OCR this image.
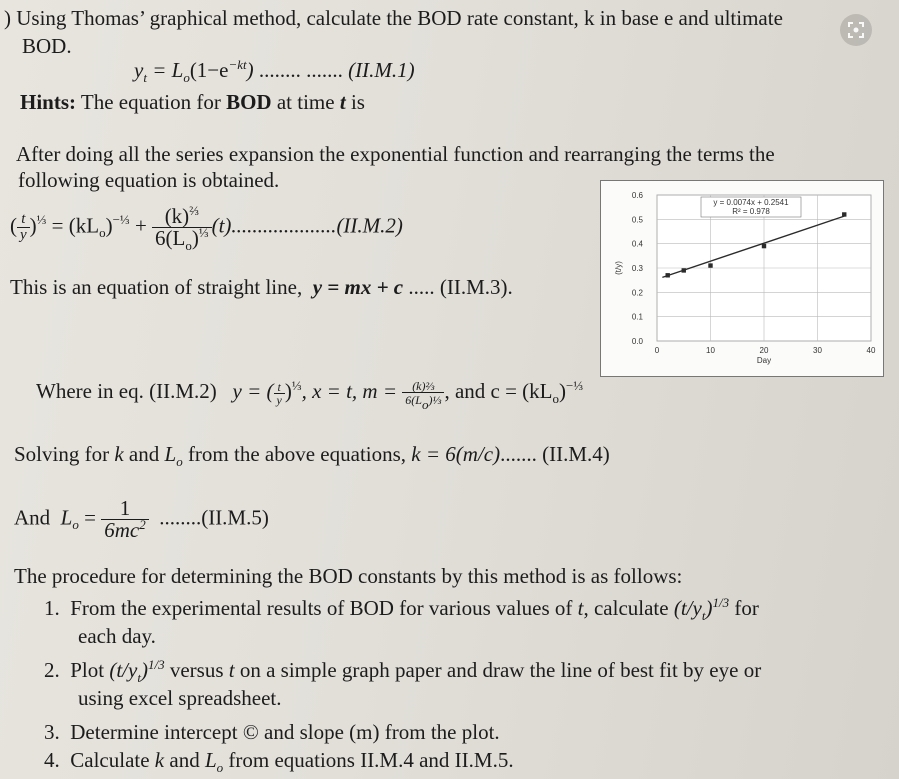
) Using Thomas’ graphical method, calculate the BOD rate constant, k in base e and ultimate
BOD.
$y_t = L_o(1-e^{-kt})$ ........ ....... (II.M.1)
Hints: The equation for BOD at time t is
After doing all the series expansion the exponential function and rearranging the terms the
following equation is obtained.
( $\frac{t}{y} )^{\frac{1}{3}} = (kL_o)^{-\frac{1}{3}} + \frac{(k)^{\frac{2}{3}}}{6(L_o)^{\frac{1}{3}}} (t)....................(II.M.2)$
This is an equation of straight line, y = mx + c ..... (II.M.3).
0	10	20	30	40
0.0
0.1
0.2
0.3
0.4
0.5
0.6
Day
(t/y)
y = 0.0074x + 0.2541
R² = 0.978
Where in eq. (II.M.2) y = ( $\frac{t}{y} )^{\frac{1}{3}}$, x = t, $m = \frac{\text{(k)⅔}}{\text{6(Lo)⅓}}$ , and $c = (kL_o)^{-\frac{1}{3}}$
Solving for k and $L_o$ from the above equations, k = 6(m/c)....... (II.M.4)
And $L_o = \frac{1}{6mc^2} ........(II.M.5)$
The procedure for determining the BOD constants by this method is as follows:
1. From the experimental results of BOD for various values of t, calculate $(t/y_t)^{1/3}$ for
each day.
2. Plot $(t/y_t)^{1/3}$ versus t on a simple graph paper and draw the line of best fit by eye or
using excel spreadsheet.
3. Determine intercept © and slope (m) from the plot.
4. Calculate k and $L_o$ from equations II.M.4 and II.M.5.
